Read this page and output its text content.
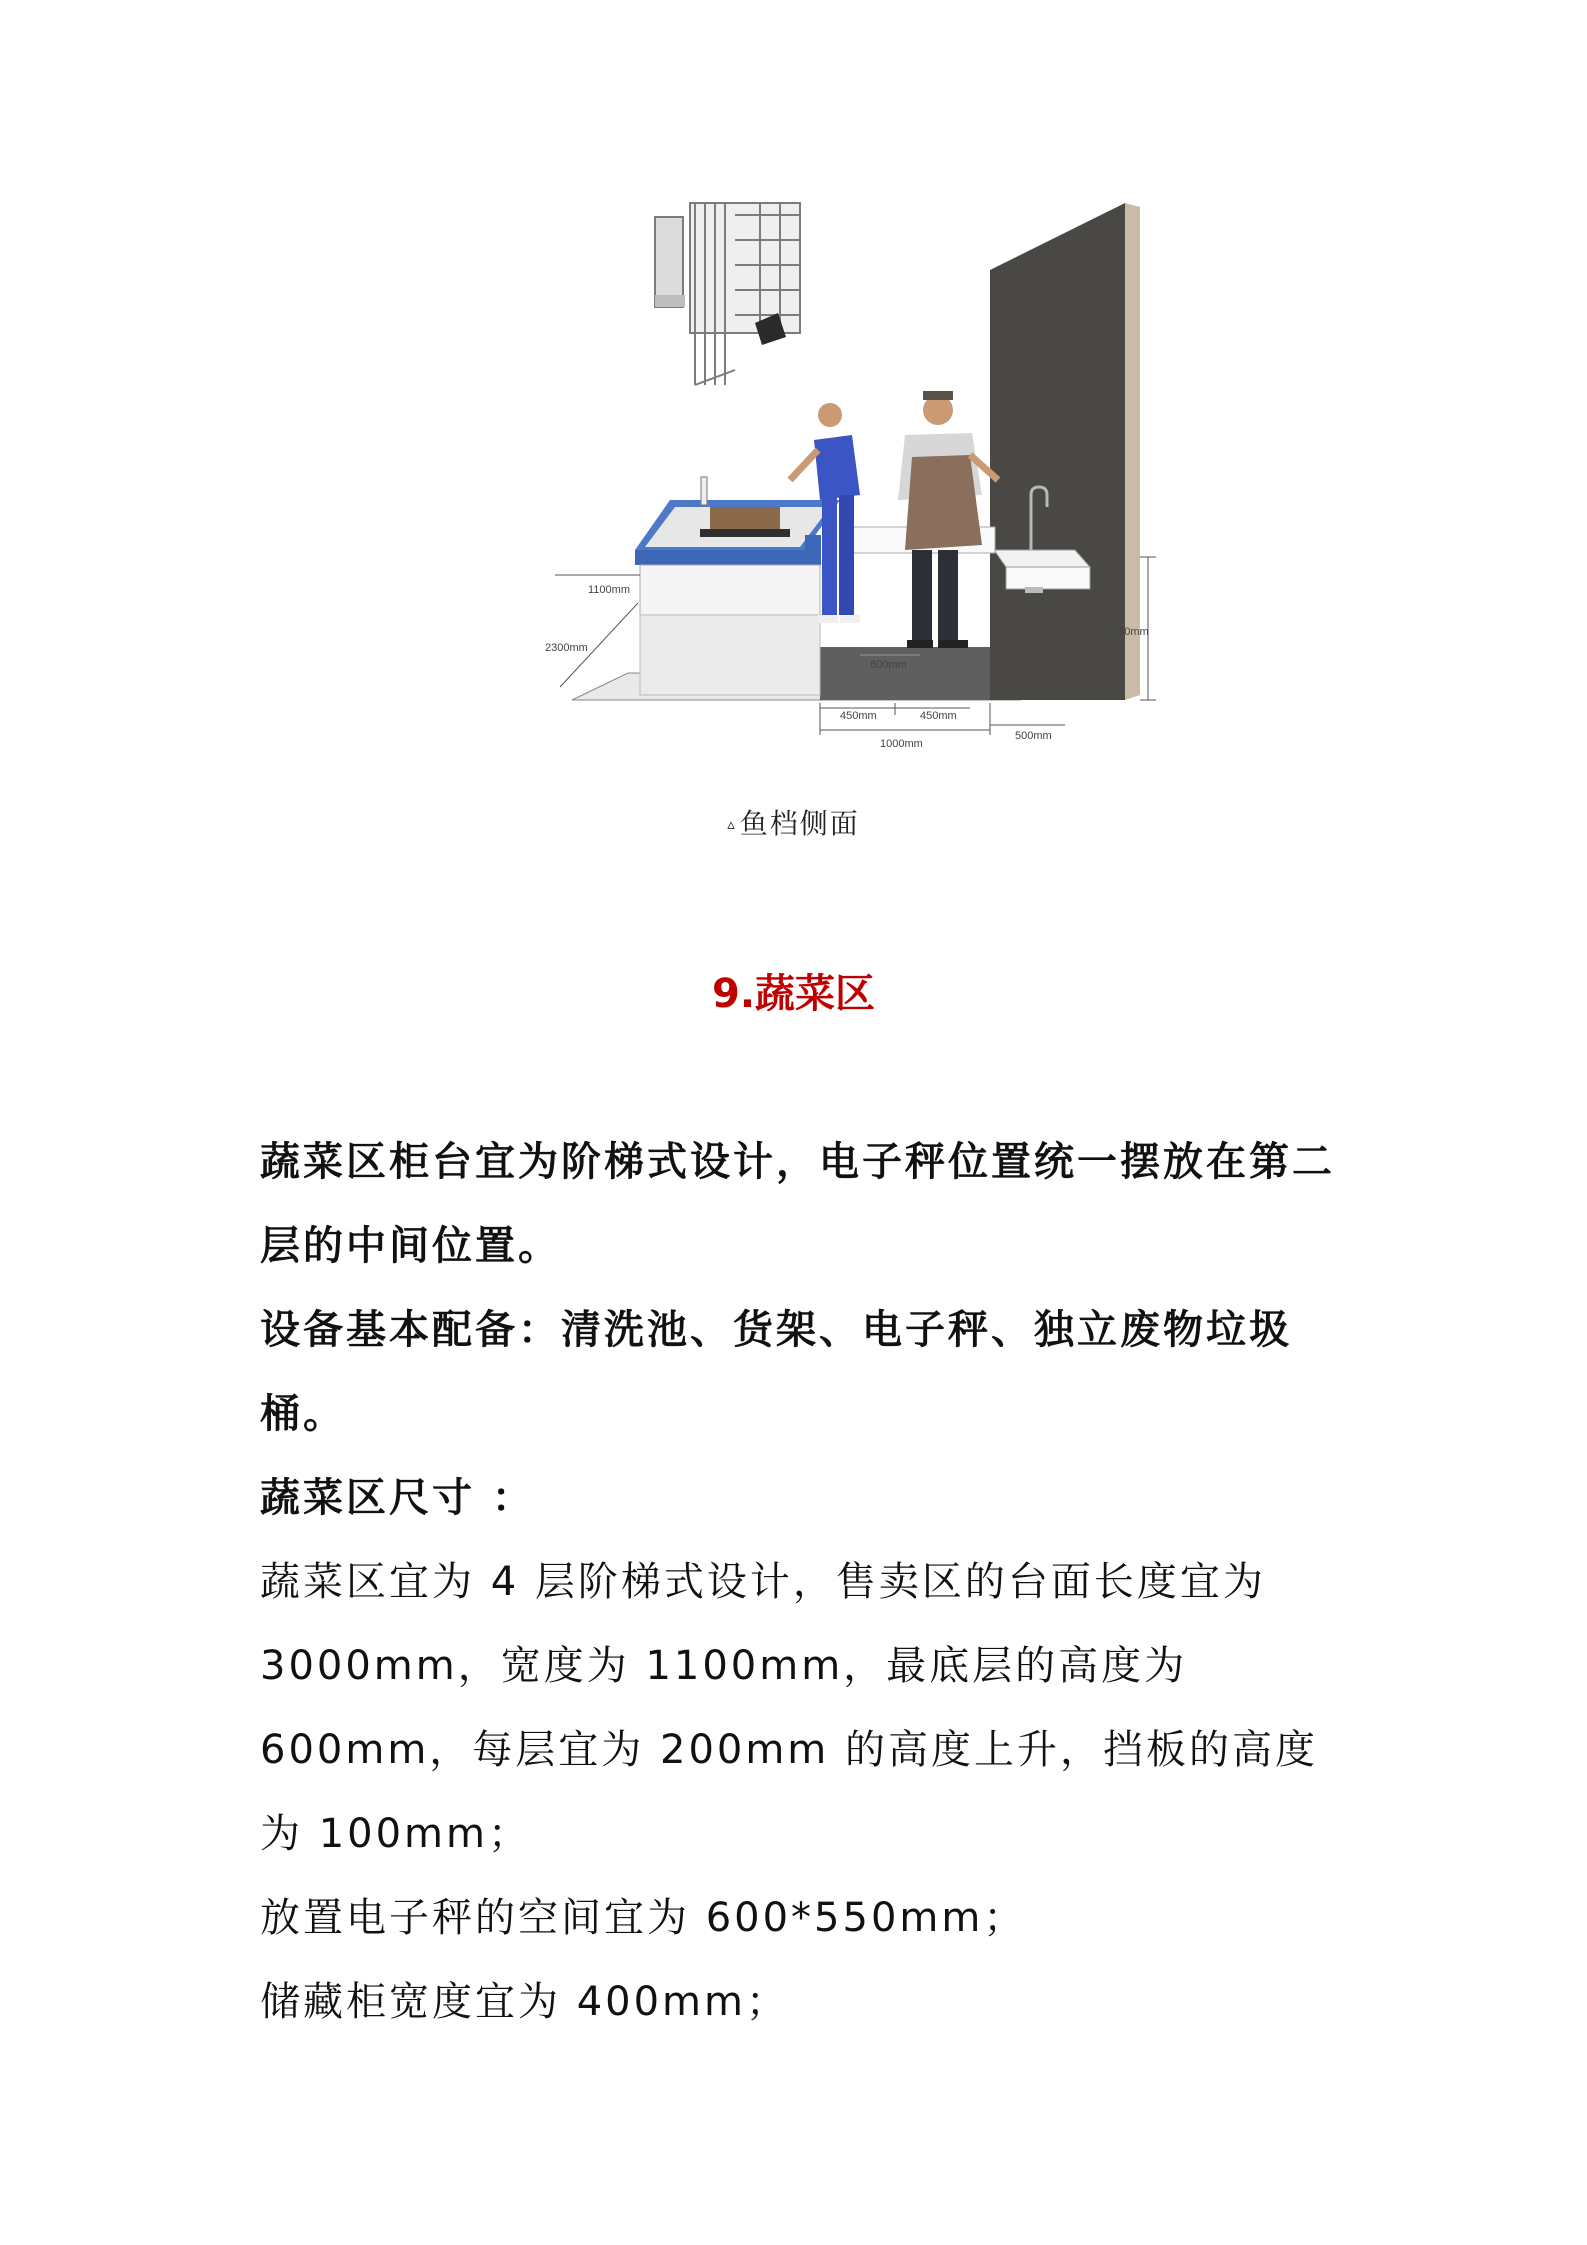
2300mm
1100mm
600mm
750mm
450mm	450mm
1000mm
500mm
▵ 鱼档侧面
9.蔬菜区

蔬菜区柜台宜为阶梯式设计，电子秤位置统一摆放在第二层的中间位置。

设备基本配备：清洗池、货架、电子秤、独立废物垃圾桶。

蔬菜区尺寸 ：

蔬菜区宜为 4 层阶梯式设计，售卖区的台面长度宜为 3000mm，宽度为 1100mm，最底层的高度为 600mm，每层宜为 200mm 的高度上升，挡板的高度为 100mm；

放置电子秤的空间宜为 600*550mm；

储藏柜宽度宜为 400mm；
